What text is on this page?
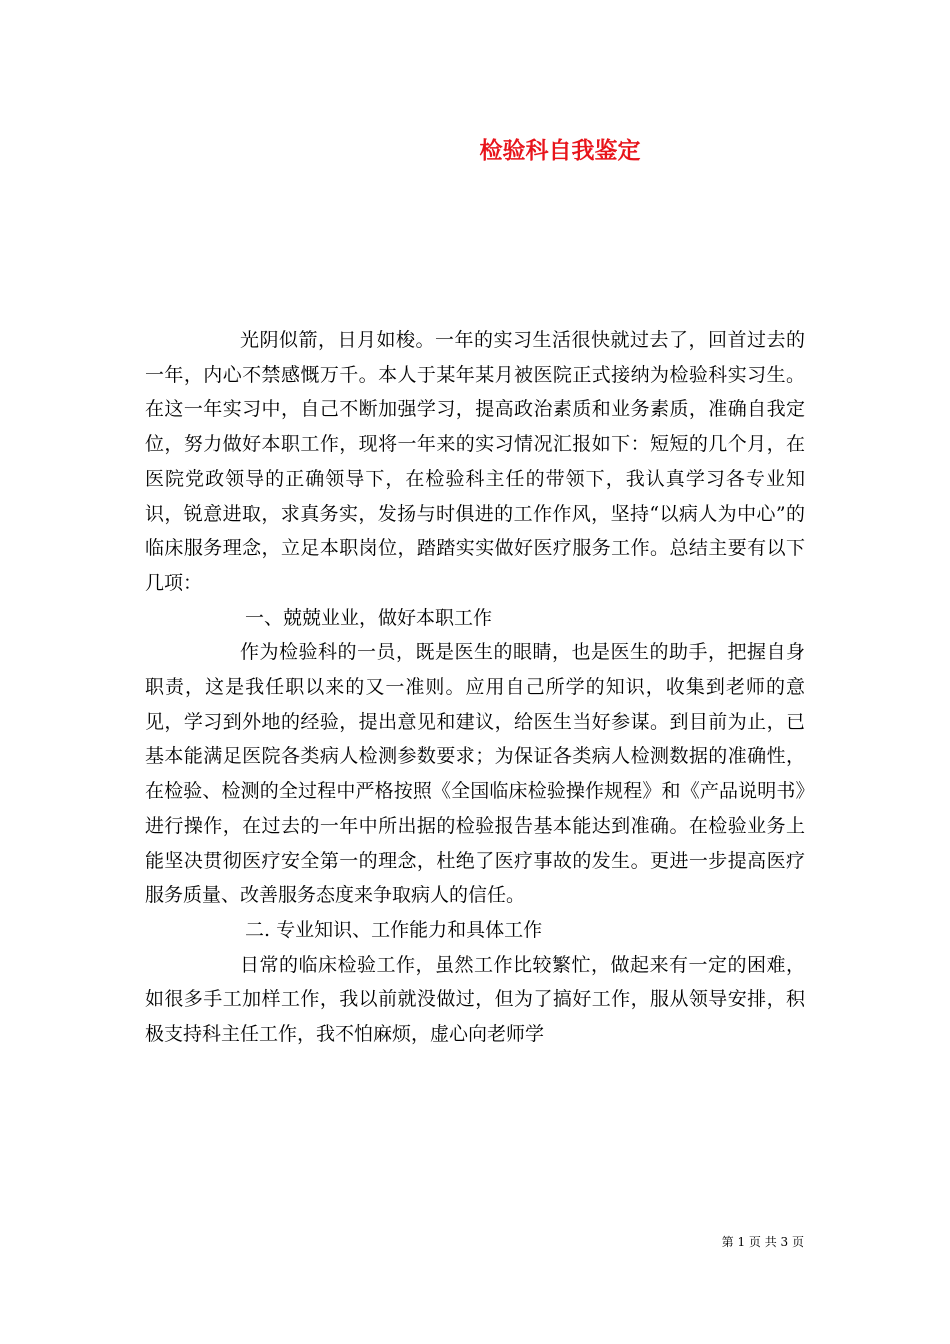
检验科自我鉴定

光阴似箭，日月如梭。一年的实习生活很快就过去了，回首过去的一年，内心不禁感慨万千。本人于某年某月被医院正式接纳为检验科实习生。在这一年实习中，自己不断加强学习，提高政治素质和业务素质，准确自我定位，努力做好本职工作，现将一年来的实习情况汇报如下：短短的几个月，在医院党政领导的正确领导下，在检验科主任的带领下，我认真学习各专业知识，锐意进取，求真务实，发扬与时俱进的工作作风，坚持“以病人为中心”的临床服务理念，立足本职岗位，踏踏实实做好医疗服务工作。总结主要有以下几项：

一、兢兢业业，做好本职工作

作为检验科的一员，既是医生的眼睛，也是医生的助手，把握自身职责，这是我任职以来的又一准则。应用自己所学的知识，收集到老师的意见，学习到外地的经验，提出意见和建议，给医生当好参谋。到目前为止，已基本能满足医院各类病人检测参数要求；为保证各类病人检测数据的准确性，在检验、检测的全过程中严格按照《全国临床检验操作规程》和《产品说明书》进行操作，在过去的一年中所出据的检验报告基本能达到准确。在检验业务上能坚决贯彻医疗安全第一的理念，杜绝了医疗事故的发生。更进一步提高医疗服务质量、改善服务态度来争取病人的信任。

二. 专业知识、工作能力和具体工作

日常的临床检验工作，虽然工作比较繁忙，做起来有一定的困难，如很多手工加样工作，我以前就没做过，但为了搞好工作，服从领导安排，积极支持科主任工作，我不怕麻烦，虚心向老师学

第 1 页 共 3 页
